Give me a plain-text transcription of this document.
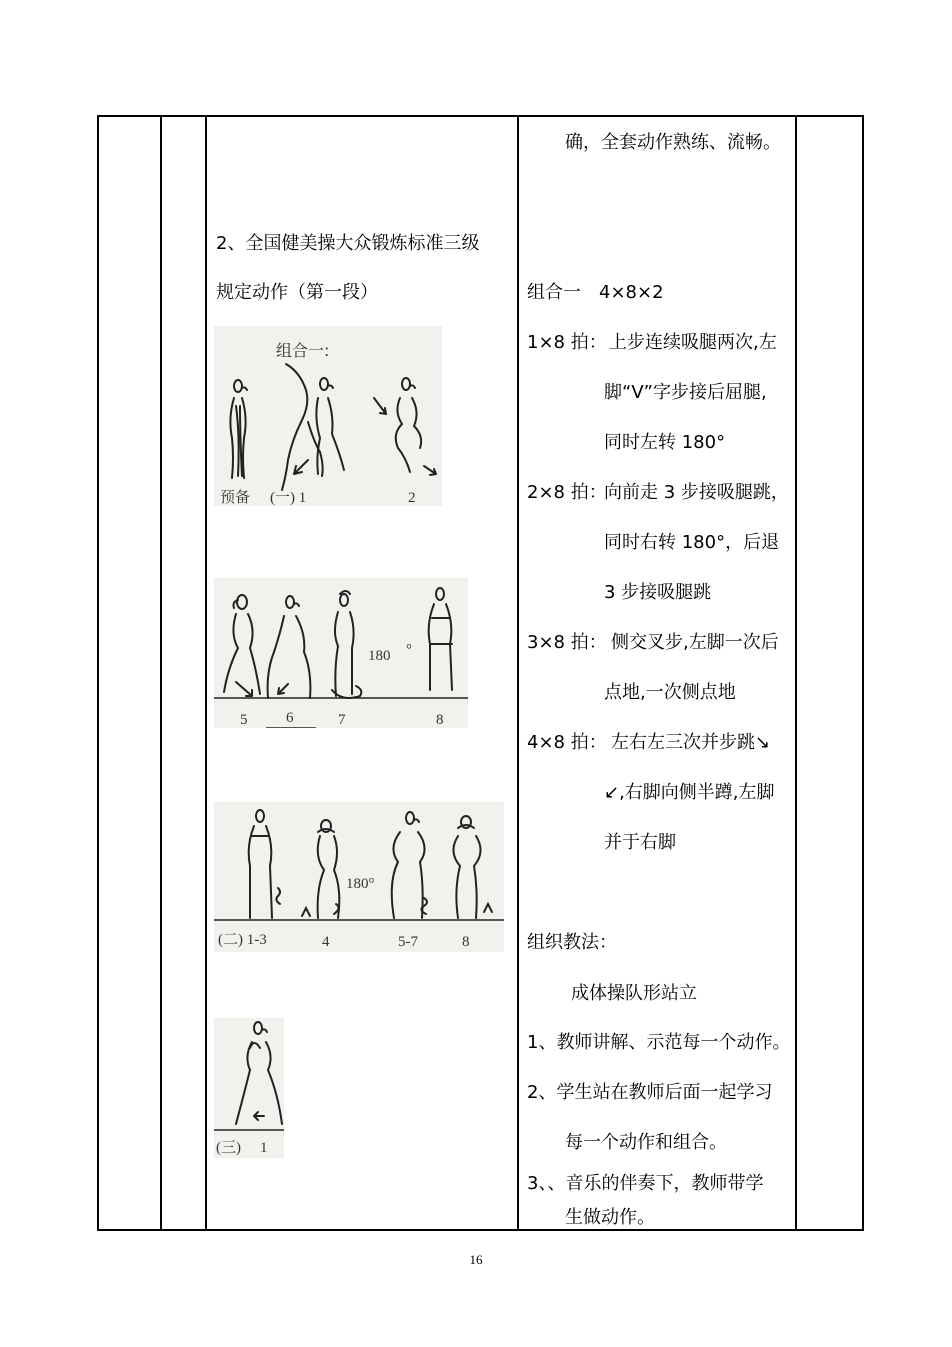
确，全套动作熟练、流畅。
2、全国健美操大众锻炼标准三级
规定动作（第一段）
组合一:
预备 (一) 1	2
180 °
5	6	7	8
180°
(二) 1-3	4	5-7	8
(三) 1
组合一　4×8×2
1×8 拍： 上步连续吸腿两次,左
脚“V”字步接后屈腿,
同时左转 180°
2×8 拍：
向前走 3 步接吸腿跳，
同时右转 180°，后退
3 步接吸腿跳
3×8 拍： 侧交叉步,左脚一次后
点地,一次侧点地
4×8 拍： 左右左三次并步跳↘
↙,右脚向侧半蹲,左脚
并于右脚
组织教法：
成体操队形站立
1、教师讲解、示范每一个动作。
2、学生站在教师后面一起学习
每一个动作和组合。
3、、音乐的伴奏下，教师带学
生做动作。
16
